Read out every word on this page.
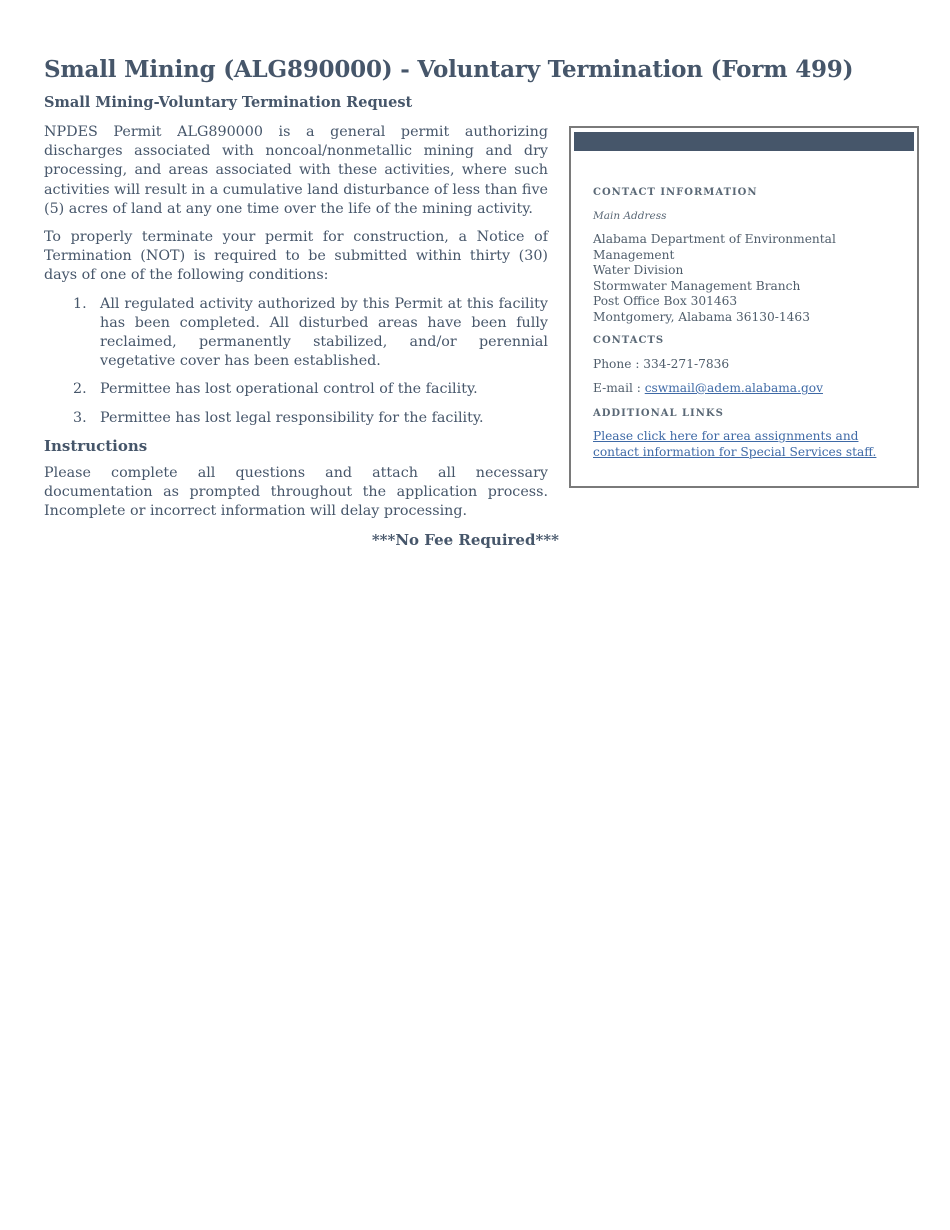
Small Mining (ALG890000) - Voluntary Termination (Form 499)
Small Mining-Voluntary Termination Request

NPDES Permit ALG890000 is a general permit authorizing discharges associated with noncoal/nonmetallic mining and dry processing, and areas associated with these activities, where such activities will result in a cumulative land disturbance of less than five (5) acres of land at any one time over the life of the mining activity.

To properly terminate your permit for construction, a Notice of Termination (NOT) is required to be submitted within thirty (30) days of one of the following conditions:

1. All regulated activity authorized by this Permit at this facility has been completed. All disturbed areas have been fully reclaimed, permanently stabilized, and/or perennial vegetative cover has been established.
2. Permittee has lost operational control of the facility.
3. Permittee has lost legal responsibility for the facility.
Instructions

Please complete all questions and attach all necessary documentation as prompted throughout the application process. Incomplete or incorrect information will delay processing.

***No Fee Required***
CONTACT INFORMATION
Main Address
Alabama Department of Environmental Management
Water Division
Stormwater Management Branch
Post Office Box 301463
Montgomery, Alabama 36130-1463
CONTACTS
Phone : 334-271-7836
E-mail : cswmail@adem.alabama.gov
ADDITIONAL LINKS
Please click here for area assignments and contact information for Special Services staff.
